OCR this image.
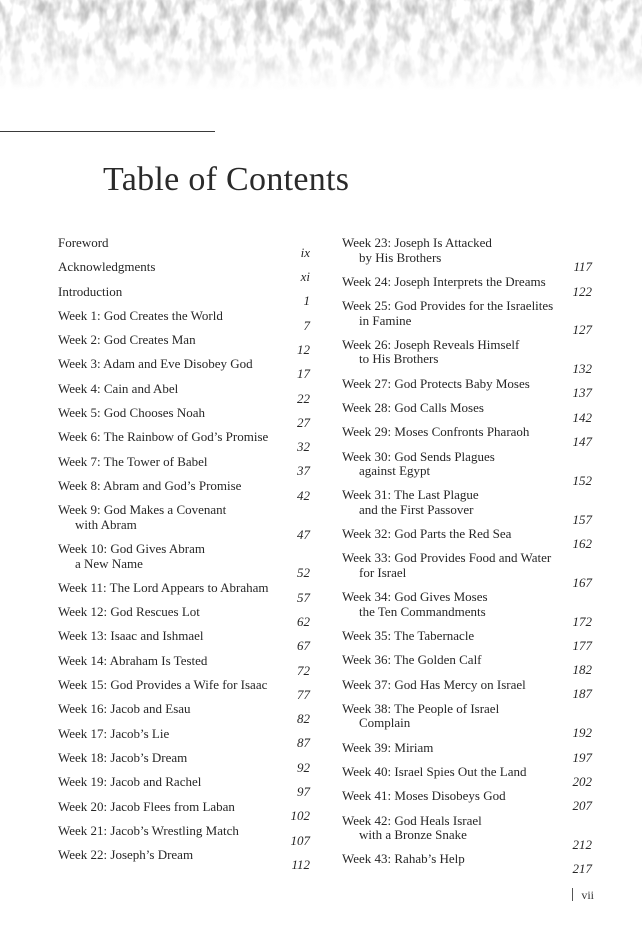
Table of Contents
Foreword
ix
Acknowledgments
xi
Introduction
1
Week 1: God Creates the World
7
Week 2: God Creates Man
12
Week 3: Adam and Eve Disobey God
17
Week 4: Cain and Abel
22
Week 5: God Chooses Noah
27
Week 6: The Rainbow of God’s Promise
32
Week 7: The Tower of Babel
37
Week 8: Abram and God’s Promise
42
Week 9: God Makes a Covenant
with Abram
47
Week 10: God Gives Abram
a New Name
52
Week 11: The Lord Appears to Abraham
57
Week 12: God Rescues Lot
62
Week 13: Isaac and Ishmael
67
Week 14: Abraham Is Tested
72
Week 15: God Provides a Wife for Isaac
77
Week 16: Jacob and Esau
82
Week 17: Jacob’s Lie
87
Week 18: Jacob’s Dream
92
Week 19: Jacob and Rachel
97
Week 20: Jacob Flees from Laban
102
Week 21: Jacob’s Wrestling Match
107
Week 22: Joseph’s Dream
112
Week 23: Joseph Is Attacked
by His Brothers
117
Week 24: Joseph Interprets the Dreams
122
Week 25: God Provides for the Israelites
in Famine
127
Week 26: Joseph Reveals Himself
to His Brothers
132
Week 27: God Protects Baby Moses
137
Week 28: God Calls Moses
142
Week 29: Moses Confronts Pharaoh
147
Week 30: God Sends Plagues
against Egypt
152
Week 31: The Last Plague
and the First Passover
157
Week 32: God Parts the Red Sea
162
Week 33: God Provides Food and Water
for Israel
167
Week 34: God Gives Moses
the Ten Commandments
172
Week 35: The Tabernacle
177
Week 36: The Golden Calf
182
Week 37: God Has Mercy on Israel
187
Week 38: The People of Israel
Complain
192
Week 39: Miriam
197
Week 40: Israel Spies Out the Land
202
Week 41: Moses Disobeys God
207
Week 42: God Heals Israel
with a Bronze Snake
212
Week 43: Rahab’s Help
217
vii
